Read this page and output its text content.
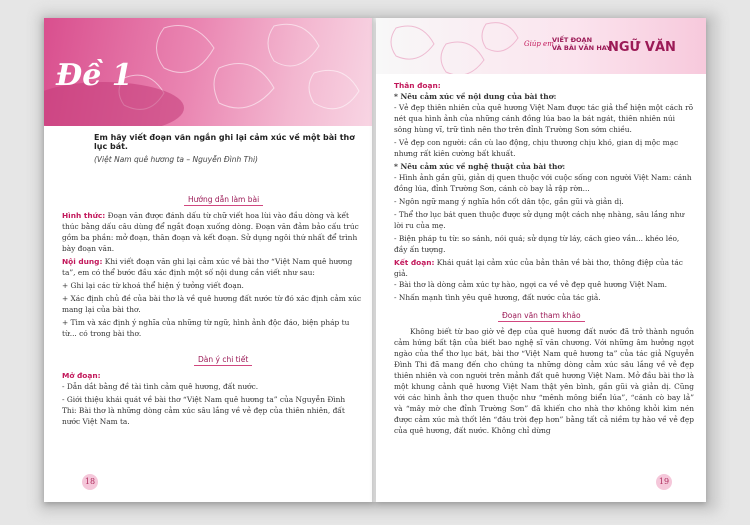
Đề 1
Em hãy viết đoạn văn ngắn ghi lại cảm xúc về một bài thơ lục bát.
(Việt Nam quê hương ta – Nguyễn Đình Thi)
Hướng dẫn làm bài
Hình thức: Đoạn văn được đánh dấu từ chữ viết hoa lùi vào đầu dòng và kết thúc bằng dấu câu dùng để ngắt đoạn xuống dòng. Đoạn văn đảm bảo cấu trúc gồm ba phần: mở đoạn, thân đoạn và kết đoạn. Sử dụng ngôi thứ nhất để trình bày đoạn văn.
Nội dung: Khi viết đoạn văn ghi lại cảm xúc về bài thơ “Việt Nam quê hương ta”, em có thể bước đầu xác định một số nội dung cần viết như sau:
+ Ghi lại các từ khoá thể hiện ý tưởng viết đoạn.
+ Xác định chủ đề của bài thơ là về quê hương đất nước từ đó xác định cảm xúc mang lại của bài thơ.
+ Tìm và xác định ý nghĩa của những từ ngữ, hình ảnh độc đáo, biện pháp tu từ... có trong bài thơ.
Dàn ý chi tiết
Mở đoạn:
- Dẫn dắt bằng đề tài tình cảm quê hương, đất nước.
- Giới thiệu khái quát về bài thơ “Việt Nam quê hương ta” của Nguyễn Đình Thi: Bài thơ là những dòng cảm xúc sâu lắng về vẻ đẹp của thiên nhiên, đất nước Việt Nam ta.
18
Giúp em
VIẾT ĐOẠN
VÀ BÀI VĂN HAY
NGỮ VĂN
Thân đoạn:
* Nêu cảm xúc về nội dung của bài thơ:
- Vẻ đẹp thiên nhiên của quê hương Việt Nam được tác giả thể hiện một cách rõ nét qua hình ảnh của những cánh đồng lúa bao la bát ngát, thiên nhiên núi sông hùng vĩ, trữ tình nên thơ trên đỉnh Trường Sơn sớm chiều.
- Vẻ đẹp con người: cần cù lao động, chịu thương chịu khó, gian dị mộc mạc nhưng rất kiên cường bất khuất.
* Nêu cảm xúc về nghệ thuật của bài thơ:
- Hình ảnh gần gũi, giản dị quen thuộc với cuộc sống con người Việt Nam: cánh đồng lúa, đỉnh Trường Sơn, cánh cò bay lả rập rờn...
- Ngôn ngữ mang ý nghĩa hồn cốt dân tộc, gần gũi và giản dị.
- Thể thơ lục bát quen thuộc được sử dụng một cách nhẹ nhàng, sâu lắng như lời ru của mẹ.
- Biện pháp tu từ: so sánh, nói quá; sử dụng từ láy, cách gieo vần... khéo léo, đầy ấn tượng.
Kết đoạn: Khái quát lại cảm xúc của bản thân về bài thơ, thông điệp của tác giả.
- Bài thơ là dòng cảm xúc tự hào, ngợi ca về vẻ đẹp quê hương Việt Nam.
- Nhấn mạnh tình yêu quê hương, đất nước của tác giả.
Đoạn văn tham khảo
Không biết từ bao giờ vẻ đẹp của quê hương đất nước đã trở thành nguồn cảm hứng bất tận của biết bao nghệ sĩ văn chương. Với những âm hưởng ngọt ngào của thể thơ lục bát, bài thơ “Việt Nam quê hương ta” của tác giả Nguyễn Đình Thi đã mang đến cho chúng ta những dòng cảm xúc sâu lắng về vẻ đẹp thiên nhiên và con người trên mảnh đất quê hương Việt Nam. Mở đầu bài thơ là một khung cảnh quê hương Việt Nam thật yên bình, gần gũi và giản dị. Cũng với các hình ảnh thơ quen thuộc như “mênh mông biển lúa”, “cánh cò bay lả” và “mây mờ che đỉnh Trường Sơn” đã khiến cho nhà thơ không khỏi kìm nén được cảm xúc mà thốt lên “đâu trời đẹp hơn” bằng tất cả niềm tự hào về vẻ đẹp của quê hương, đất nước. Không chỉ dừng
19
